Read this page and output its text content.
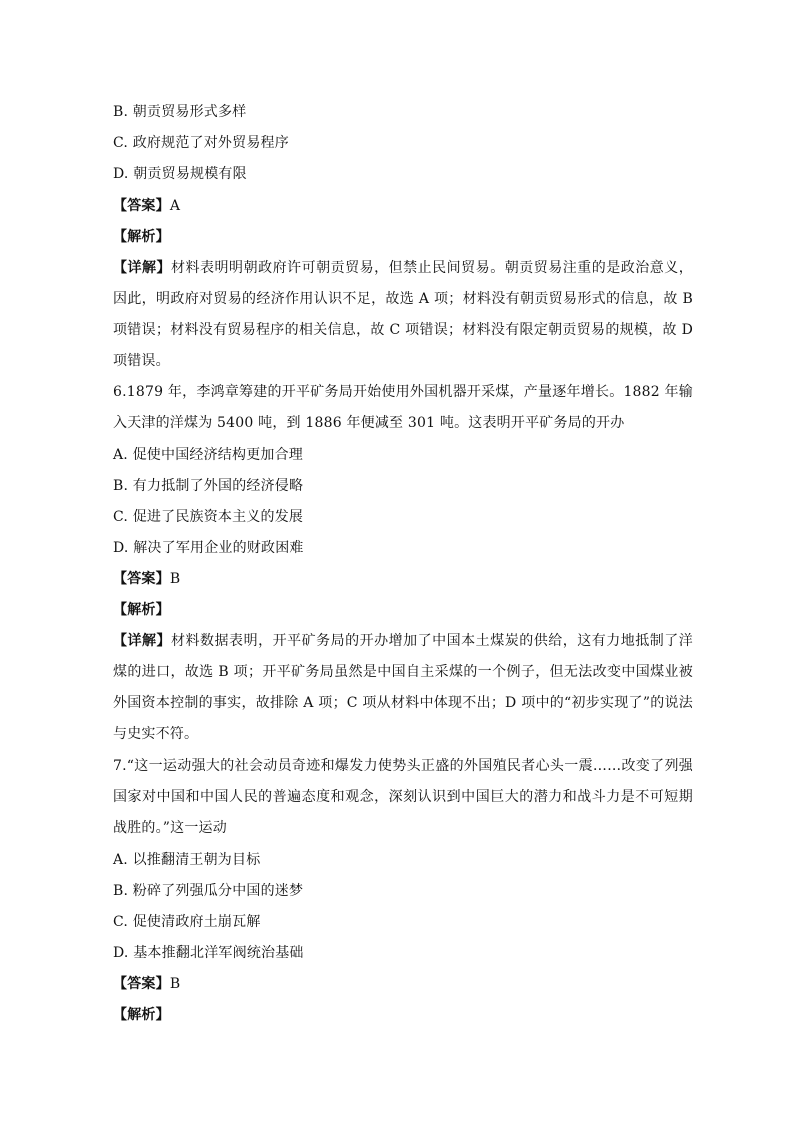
B. 朝贡贸易形式多样
C. 政府规范了对外贸易程序
D. 朝贡贸易规模有限
【答案】A
【解析】
【详解】材料表明明朝政府许可朝贡贸易，但禁止民间贸易。朝贡贸易注重的是政治意义，因此，明政府对贸易的经济作用认识不足，故选 A 项；材料没有朝贡贸易形式的信息，故 B 项错误；材料没有贸易程序的相关信息，故 C 项错误；材料没有限定朝贡贸易的规模，故 D 项错误。
6.1879 年，李鸿章筹建的开平矿务局开始使用外国机器开采煤，产量逐年增长。1882 年输入天津的洋煤为 5400 吨，到 1886 年便减至 301 吨。这表明开平矿务局的开办
A. 促使中国经济结构更加合理
B. 有力抵制了外国的经济侵略
C. 促进了民族资本主义的发展
D. 解决了军用企业的财政困难
【答案】B
【解析】
【详解】材料数据表明，开平矿务局的开办增加了中国本土煤炭的供给，这有力地抵制了洋煤的进口，故选 B 项；开平矿务局虽然是中国自主采煤的一个例子，但无法改变中国煤业被外国资本控制的事实，故排除 A 项；C 项从材料中体现不出；D 项中的“初步实现了”的说法与史实不符。
7.“这一运动强大的社会动员奇迹和爆发力使势头正盛的外国殖民者心头一震……改变了列强国家对中国和中国人民的普遍态度和观念，深刻认识到中国巨大的潜力和战斗力是不可短期战胜的。”这一运动
A. 以推翻清王朝为目标
B. 粉碎了列强瓜分中国的迷梦
C. 促使清政府土崩瓦解
D. 基本推翻北洋军阀统治基础
【答案】B
【解析】
